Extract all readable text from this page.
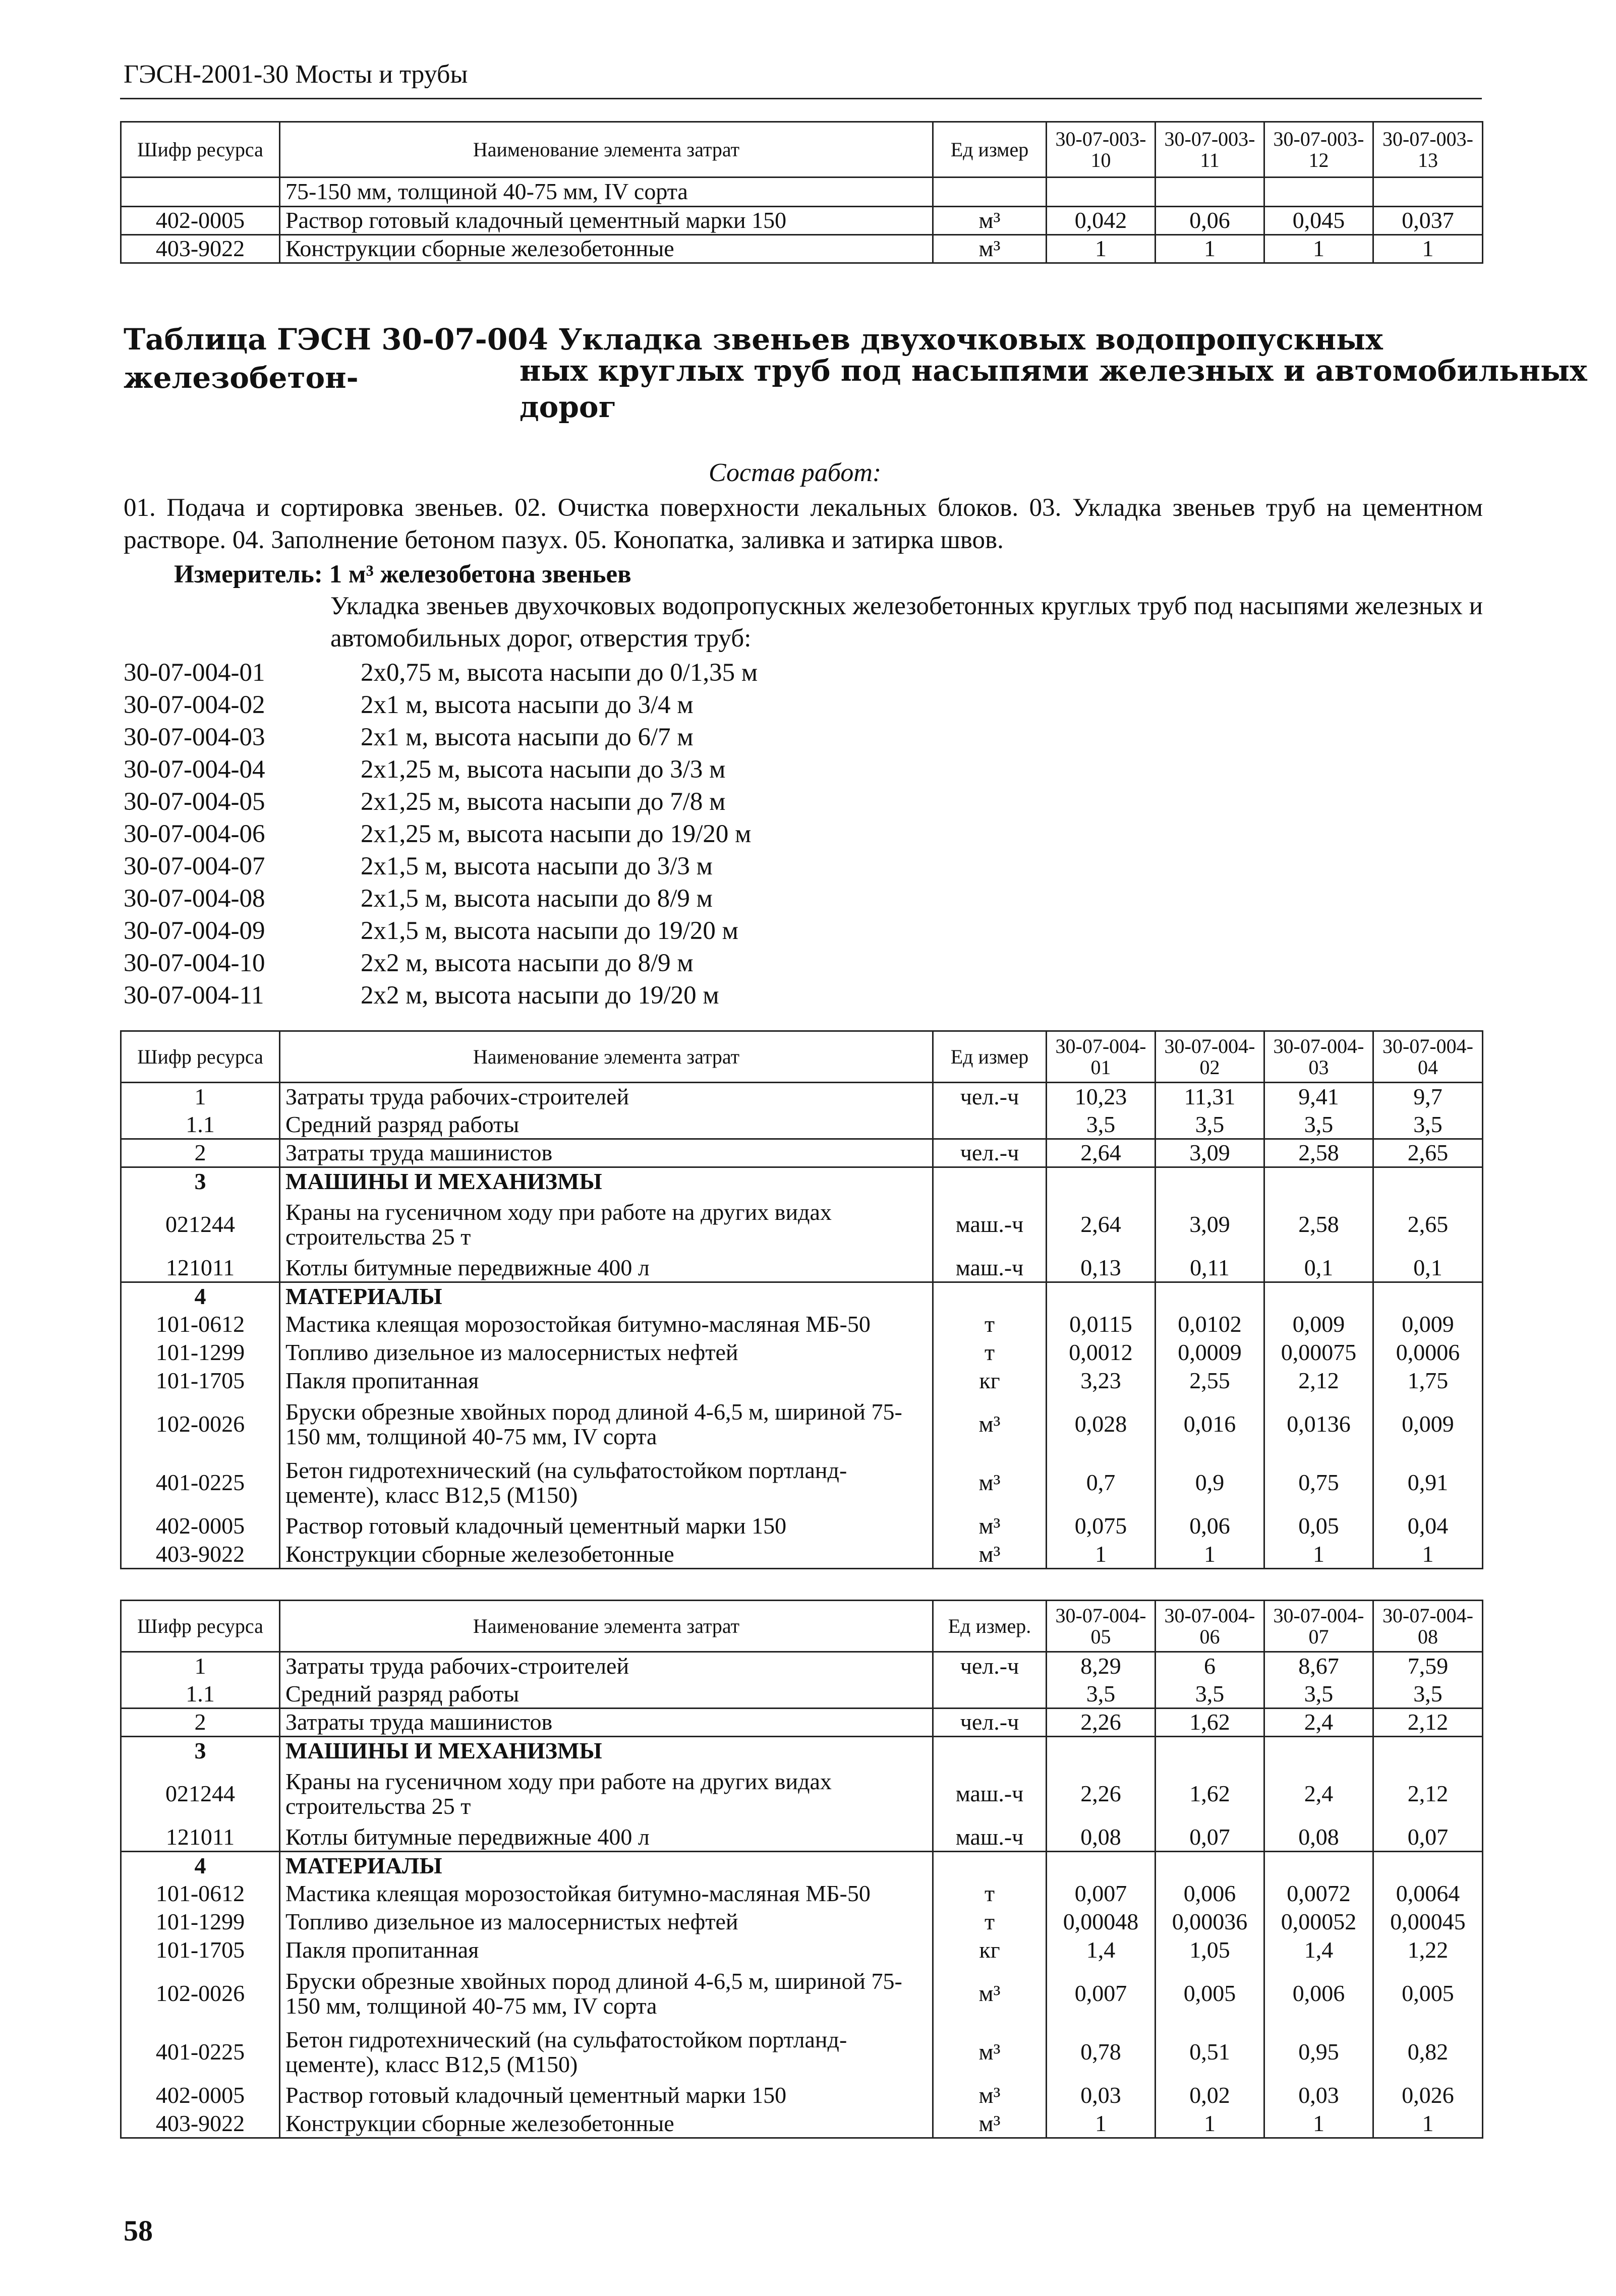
ГЭСН-2001-30 Мосты и трубы
Шифр ресурса	Наименование элемента затрат	Ед измер	30-07-003-10	30-07-003-11	30-07-003-12	30-07-003-13
	75-150 мм, толщиной 40-75 мм, IV сорта					
402-0005	Раствор готовый кладочный цементный марки 150	м³	0,042	0,06	0,045	0,037
403-9022	Конструкции сборные железобетонные	м³	1	1	1	1
Таблица ГЭСН 30-07-004 Укладка звеньев двухочковых водопропускных железобетон-	ных круглых труб под насыпями железных и автомобильных
дорог
Состав работ:
01. Подача и сортировка звеньев. 02. Очистка поверхности лекальных блоков. 03. Укладка звеньев труб на цементном растворе. 04. Заполнение бетоном пазух. 05. Конопатка, заливка и затирка швов.
Измеритель: 1 м³ железобетона звеньев
Укладка звеньев двухочковых водопропускных железобетонных круглых труб под насыпями железных и автомобильных дорог, отверстия труб:
30-07-004-01	2х0,75 м, высота насыпи до 0/1,35 м
30-07-004-02	2х1 м, высота насыпи до 3/4 м
30-07-004-03	2х1 м, высота насыпи до 6/7 м
30-07-004-04	2х1,25 м, высота насыпи до 3/3 м
30-07-004-05	2х1,25 м, высота насыпи до 7/8 м
30-07-004-06	2х1,25 м, высота насыпи до 19/20 м
30-07-004-07	2х1,5 м, высота насыпи до 3/3 м
30-07-004-08	2х1,5 м, высота насыпи до 8/9 м
30-07-004-09	2х1,5 м, высота насыпи до 19/20 м
30-07-004-10	2х2 м, высота насыпи до 8/9 м
30-07-004-11	2х2 м, высота насыпи до 19/20 м
Шифр ресурса	Наименование элемента затрат	Ед измер	30-07-004-01	30-07-004-02	30-07-004-03	30-07-004-04
1	Затраты труда рабочих-строителей	чел.-ч	10,23	11,31	9,41	9,7
1.1	Средний разряд работы		3,5	3,5	3,5	3,5
2	Затраты труда машинистов	чел.-ч	2,64	3,09	2,58	2,65
3	МАШИНЫ И МЕХАНИЗМЫ					
021244	Краны на гусеничном ходу при работе на других видах строительства 25 т	маш.-ч	2,64	3,09	2,58	2,65
121011	Котлы битумные передвижные 400 л	маш.-ч	0,13	0,11	0,1	0,1
4	МАТЕРИАЛЫ					
101-0612	Мастика клеящая морозостойкая битумно-масляная МБ-50	т	0,0115	0,0102	0,009	0,009
101-1299	Топливо дизельное из малосернистых нефтей	т	0,0012	0,0009	0,00075	0,0006
101-1705	Пакля пропитанная	кг	3,23	2,55	2,12	1,75
102-0026	Бруски обрезные хвойных пород длиной 4-6,5 м, шириной 75-150 мм, толщиной 40-75 мм, IV сорта	м³	0,028	0,016	0,0136	0,009
401-0225	Бетон гидротехнический (на сульфатостойком портланд-цементе), класс В12,5 (М150)	м³	0,7	0,9	0,75	0,91
402-0005	Раствор готовый кладочный цементный марки 150	м³	0,075	0,06	0,05	0,04
403-9022	Конструкции сборные железобетонные	м³	1	1	1	1
Шифр ресурса	Наименование элемента затрат	Ед измер.	30-07-004-05	30-07-004-06	30-07-004-07	30-07-004-08
1	Затраты труда рабочих-строителей	чел.-ч	8,29	6	8,67	7,59
1.1	Средний разряд работы		3,5	3,5	3,5	3,5
2	Затраты труда машинистов	чел.-ч	2,26	1,62	2,4	2,12
3	МАШИНЫ И МЕХАНИЗМЫ					
021244	Краны на гусеничном ходу при работе на других видах строительства 25 т	маш.-ч	2,26	1,62	2,4	2,12
121011	Котлы битумные передвижные 400 л	маш.-ч	0,08	0,07	0,08	0,07
4	МАТЕРИАЛЫ					
101-0612	Мастика клеящая морозостойкая битумно-масляная МБ-50	т	0,007	0,006	0,0072	0,0064
101-1299	Топливо дизельное из малосернистых нефтей	т	0,00048	0,00036	0,00052	0,00045
101-1705	Пакля пропитанная	кг	1,4	1,05	1,4	1,22
102-0026	Бруски обрезные хвойных пород длиной 4-6,5 м, шириной 75-150 мм, толщиной 40-75 мм, IV сорта	м³	0,007	0,005	0,006	0,005
401-0225	Бетон гидротехнический (на сульфатостойком портланд-цементе), класс В12,5 (М150)	м³	0,78	0,51	0,95	0,82
402-0005	Раствор готовый кладочный цементный марки 150	м³	0,03	0,02	0,03	0,026
403-9022	Конструкции сборные железобетонные	м³	1	1	1	1
58
